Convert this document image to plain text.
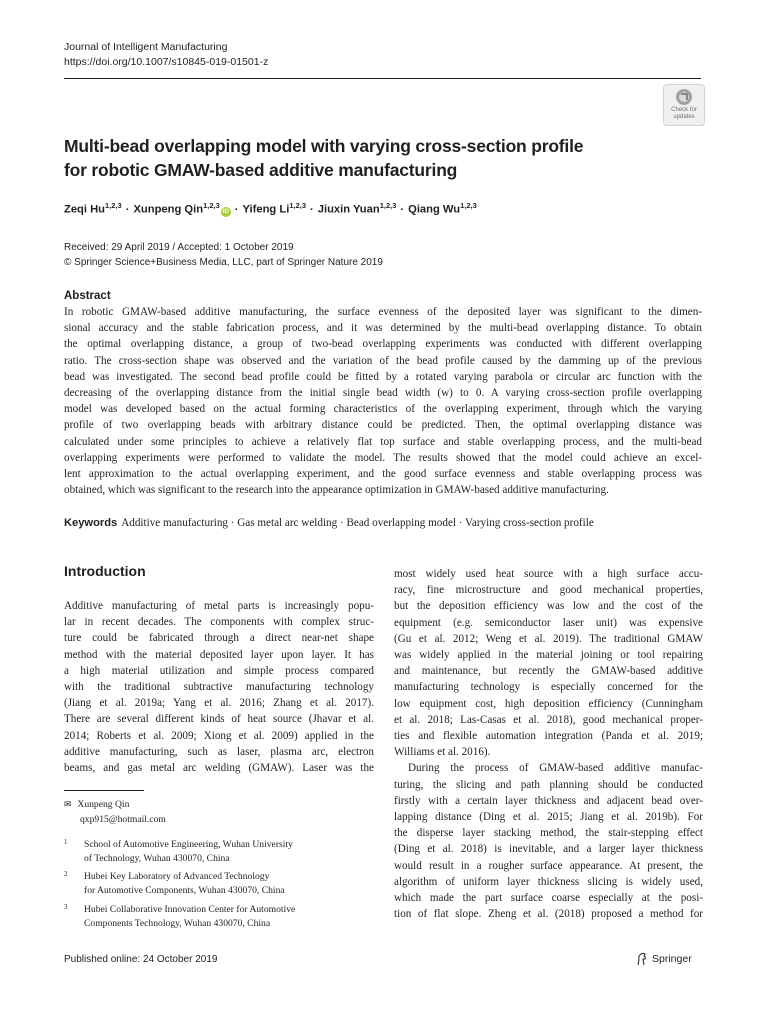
Journal of Intelligent Manufacturing
https://doi.org/10.1007/s10845-019-01501-z
Check for
updates
Multi-bead overlapping model with varying cross-section profile
for robotic GMAW-based additive manufacturing
Zeqi Hu$^{1,2,3}$ · Xunpeng Qin$^{1,2,3}$iD · Yifeng Li$^{1,2,3}$ · Jiuxin Yuan$^{1,2,3}$ · Qiang Wu$^{1,2,3}$
Received: 29 April 2019 / Accepted: 1 October 2019
© Springer Science+Business Media, LLC, part of Springer Nature 2019
Abstract
In robotic GMAW-based additive manufacturing, the surface evenness of the deposited layer was significant to the dimen-
sional accuracy and the stable fabrication process, and it was determined by the multi-bead overlapping distance. To obtain
the optimal overlapping distance, a group of two-bead overlapping experiments was conducted with different overlapping
ratio. The cross-section shape was observed and the variation of the bead profile caused by the damming up of the previous
bead was investigated. The second bead profile could be fitted by a rotated varying parabola or circular arc function with the
decreasing of the overlapping distance from the initial single bead width (w) to 0. A varying cross-section profile overlapping
model was developed based on the actual forming characteristics of the overlapping experiment, through which the varying
profile of two overlapping beads with arbitrary distance could be predicted. Then, the optimal overlapping distance was
calculated under some principles to achieve a relatively flat top surface and stable overlapping process, and the multi-bead
overlapping experiments were performed to validate the model. The results showed that the model could achieve an excel-
lent approximation to the actual overlapping experiment, and the good surface evenness and stable overlapping process was
obtained, which was significant to the research into the appearance optimization in GMAW-based additive manufacturing.
Keywords Additive manufacturing · Gas metal arc welding · Bead overlapping model · Varying cross-section profile
Introduction
Additive manufacturing of metal parts is increasingly popu-
lar in recent decades. The components with complex struc-
ture could be fabricated through a direct near-net shape
method with the material deposited layer upon layer. It has
a high material utilization and simple process compared
with the traditional subtractive manufacturing technology
(Jiang et al. 2019a; Yang et al. 2016; Zhang et al. 2017).
There are several different kinds of heat source (Jhavar et al.
2014; Roberts et al. 2009; Xiong et al. 2009) applied in the
additive manufacturing, such as laser, plasma arc, electron
beams, and gas metal arc welding (GMAW). Laser was the
most widely used heat source with a high surface accu-
racy, fine microstructure and good mechanical properties,
but the deposition efficiency was low and the cost of the
equipment (e.g. semiconductor laser unit) was expensive
(Gu et al. 2012; Weng et al. 2019). The traditional GMAW
was widely applied in the material joining or tool repairing
and maintenance, but recently the GMAW-based additive
manufacturing technology is especially concerned for the
low equipment cost, high deposition efficiency (Cunningham
et al. 2018; Las-Casas et al. 2018), good mechanical proper-
ties and flexible automation integration (Panda et al. 2019;
Williams et al. 2016).
During the process of GMAW-based additive manufac-
turing, the slicing and path planning should be conducted
firstly with a certain layer thickness and adjacent bead over-
lapping distance (Ding et al. 2015; Jiang et al. 2019b). For
the disperse layer stacking method, the stair-stepping effect
(Ding et al. 2018) is inevitable, and a larger layer thickness
would result in a rougher surface appearance. At present, the
algorithm of uniform layer thickness slicing is widely used,
which made the part surface coarse especially at the posi-
tion of flat slope. Zheng et al. (2018) proposed a method for
✉ Xunpeng Qin
qxp915@hotmail.com
1 School of Automotive Engineering, Wuhan University
of Technology, Wuhan 430070, China
2 Hubei Key Laboratory of Advanced Technology
for Automotive Components, Wuhan 430070, China
3 Hubei Collaborative Innovation Center for Automotive
Components Technology, Wuhan 430070, China
Published online: 24 October 2019	Springer
